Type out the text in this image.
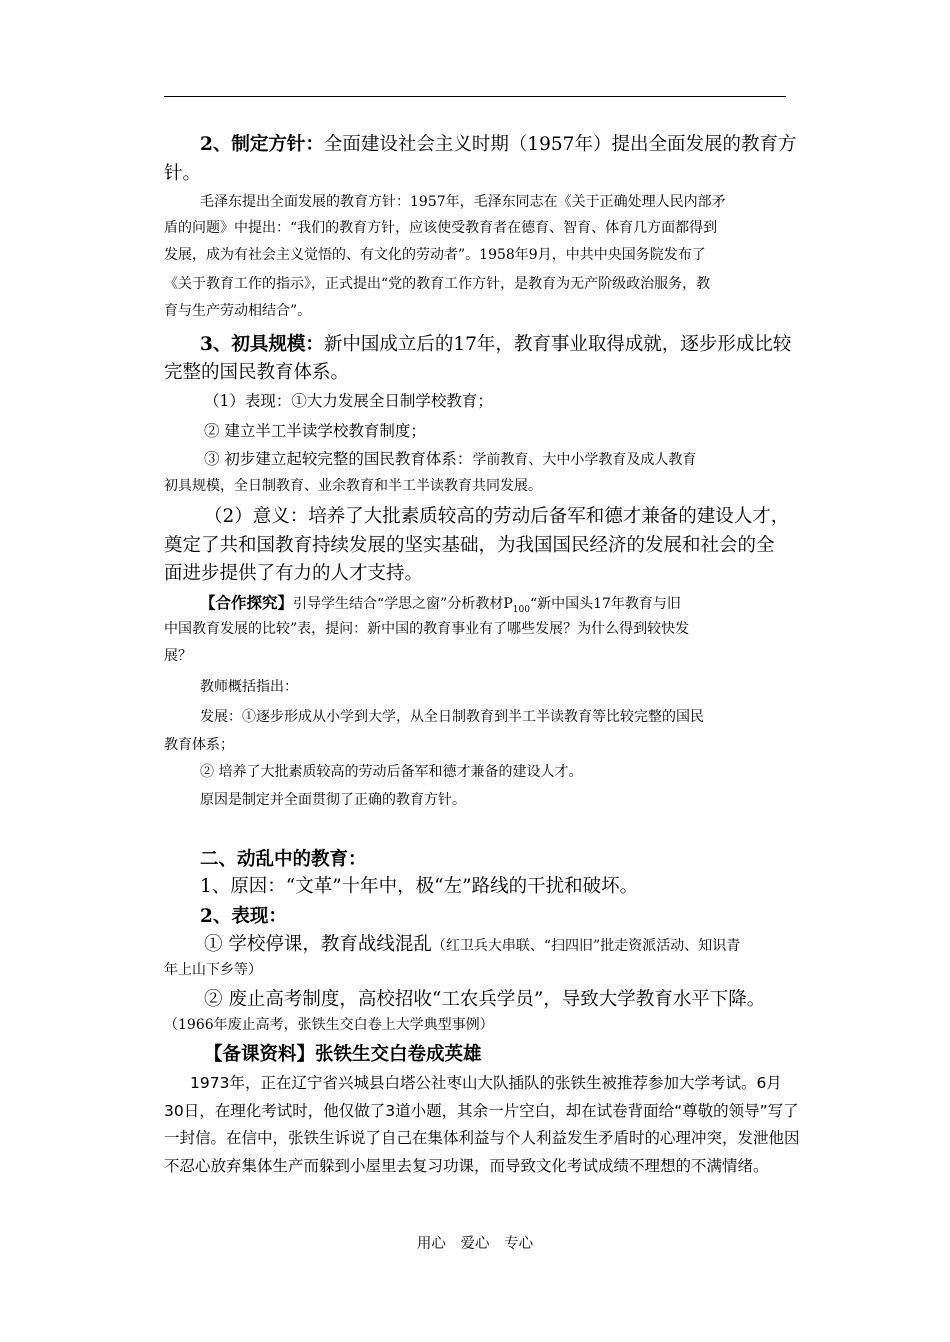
2、制定方针：全面建设社会主义时期（1957年）提出全面发展的教育方
针。
毛泽东提出全面发展的教育方针：1957年，毛泽东同志在《关于正确处理人民内部矛
盾的问题》中提出：“我们的教育方针，应该使受教育者在德育、智育、体育几方面都得到
发展，成为有社会主义觉悟的、有文化的劳动者”。1958年9月，中共中央国务院发布了
《关于教育工作的指示》，正式提出“党的教育工作方针，是教育为无产阶级政治服务，教
育与生产劳动相结合”。
3、初具规模：新中国成立后的17年，教育事业取得成就，逐步形成比较
完整的国民教育体系。
（1）表现：①大力发展全日制学校教育；
② 建立半工半读学校教育制度；
③ 初步建立起较完整的国民教育体系：学前教育、大中小学教育及成人教育
初具规模，全日制教育、业余教育和半工半读教育共同发展。
（2）意义：培养了大批素质较高的劳动后备军和德才兼备的建设人才，
奠定了共和国教育持续发展的坚实基础，为我国国民经济的发展和社会的全
面进步提供了有力的人才支持。
【合作探究】引导学生结合“学思之窗”分析教材$P_{100}“$新中国头17年教育与旧
中国教育发展的比较”表，提问：新中国的教育事业有了哪些发展？为什么得到较快发
展？
教师概括指出：
发展：①逐步形成从小学到大学，从全日制教育到半工半读教育等比较完整的国民
教育体系；
② 培养了大批素质较高的劳动后备军和德才兼备的建设人才。
原因是制定并全面贯彻了正确的教育方针。
二、动乱中的教育：
1、原因：“文革”十年中，极“左”路线的干扰和破坏。
2、表现：
① 学校停课，教育战线混乱（红卫兵大串联、“扫四旧”批走资派活动、知识青
年上山下乡等）
② 废止高考制度，高校招收“工农兵学员”，导致大学教育水平下降。
（1966年废止高考，张铁生交白卷上大学典型事例）
【备课资料】张铁生交白卷成英雄
1973年，正在辽宁省兴城县白塔公社枣山大队插队的张铁生被推荐参加大学考试。6月
30日，在理化考试时，他仅做了3道小题，其余一片空白，却在试卷背面给“尊敬的领导”写了
一封信。在信中，张铁生诉说了自己在集体利益与个人利益发生矛盾时的心理冲突，发泄他因
不忍心放弃集体生产而躲到小屋里去复习功课，而导致文化考试成绩不理想的不满情绪。
用心 爱心 专心
